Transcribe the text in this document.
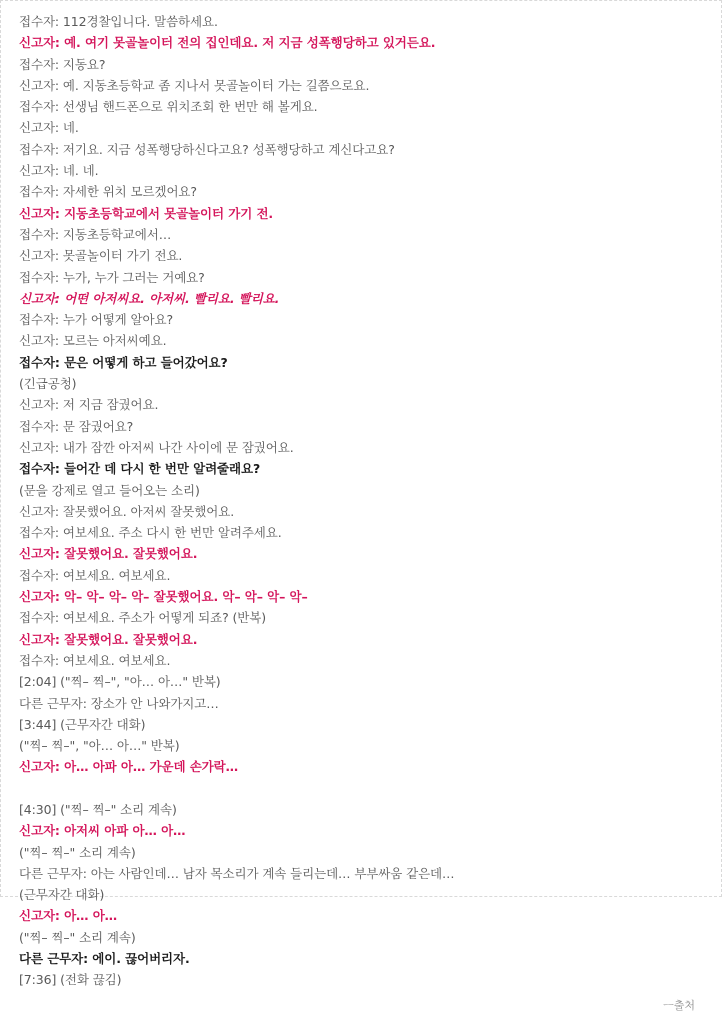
접수자: 112경찰입니다. 말씀하세요.
신고자: 예. 여기 못골놀이터 전의 집인데요. 저 지금 성폭행당하고 있거든요.
접수자: 지동요?
신고자: 예. 지동초등학교 좀 지나서 못골놀이터 가는 길쯤으로요.
접수자: 선생님 핸드폰으로 위치조회 한 번만 해 볼게요.
신고자: 네.
접수자: 저기요. 지금 성폭행당하신다고요? 성폭행당하고 계신다고요?
신고자: 네. 네.
접수자: 자세한 위치 모르겠어요?
신고자: 지동초등학교에서 못골놀이터 가기 전.
접수자: 지동초등학교에서…
신고자: 못골놀이터 가기 전요.
접수자: 누가, 누가 그러는 거예요?
신고자: 어떤 아저씨요. 아저씨. 빨리요. 빨리요.
접수자: 누가 어떻게 알아요?
신고자: 모르는 아저씨예요.
접수자: 문은 어떻게 하고 들어갔어요?
(긴급공청)
신고자: 저 지금 잠궜어요.
접수자: 문 잠궜어요?
신고자: 내가 잠깐 아저씨 나간 사이에 문 잠궜어요.
접수자: 들어간 데 다시 한 번만 알려줄래요?
(문을 강제로 열고 들어오는 소리)
신고자: 잘못했어요. 아저씨 잘못했어요.
접수자: 여보세요. 주소 다시 한 번만 알려주세요.
신고자: 잘못했어요. 잘못했어요.
접수자: 여보세요. 여보세요.
신고자: 악– 악– 악– 악– 잘못했어요. 악– 악– 악– 악–
접수자: 여보세요. 주소가 어떻게 되죠? (반복)
신고자: 잘못했어요. 잘못했어요.
접수자: 여보세요. 여보세요.
[2:04] ("찍– 찍–", "아… 아…" 반복)
다른 근무자: 장소가 안 나와가지고…
[3:44] (근무자간 대화)
("찍– 찍–", "아… 아…" 반복)
신고자: 아… 아파 아… 가운데 손가락…
[4:30] ("찍– 찍–" 소리 계속)
신고자: 아저씨 아파 아… 아…
("찍– 찍–" 소리 계속)
다른 근무자: 아는 사람인데… 남자 목소리가 계속 들리는데… 부부싸움 같은데…
(근무자간 대화)
신고자: 아… 아…
("찍– 찍–" 소리 계속)
다른 근무자: 에이. 끊어버리자.
[7:36] (전화 끊김)
ㅡ출처
